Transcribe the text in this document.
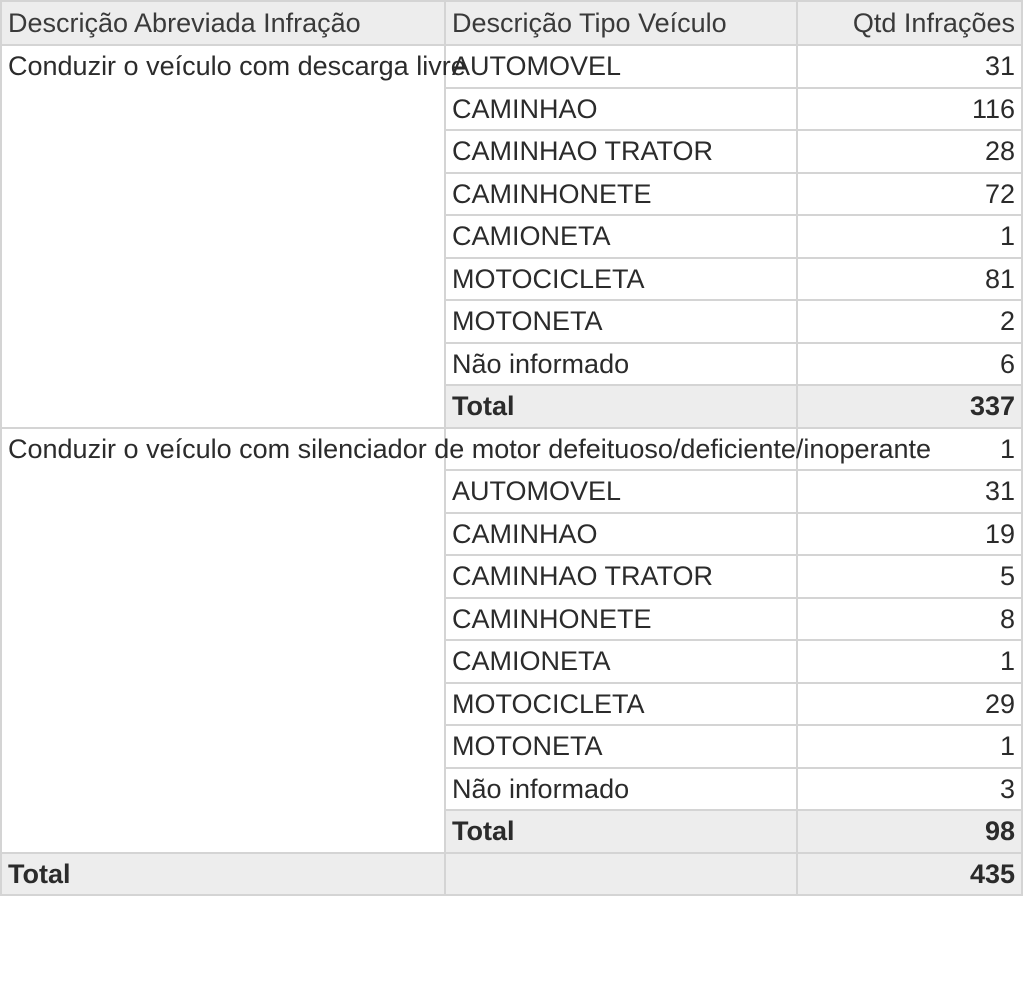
Descrição Abreviada Infração	Descrição Tipo Veículo	Qtd Infrações
Conduzir o veículo com descarga livre	AUTOMOVEL	31
	CAMINHAO	116
	CAMINHAO TRATOR	28
	CAMINHONETE	72
	CAMIONETA	1
	MOTOCICLETA	81
	MOTONETA	2
	Não informado	6
	Total	337
Conduzir o veículo com silenciador de motor defeituoso/deficiente/inoperante		1
	AUTOMOVEL	31
	CAMINHAO	19
	CAMINHAO TRATOR	5
	CAMINHONETE	8
	CAMIONETA	1
	MOTOCICLETA	29
	MOTONETA	1
	Não informado	3
	Total	98
Total		435
